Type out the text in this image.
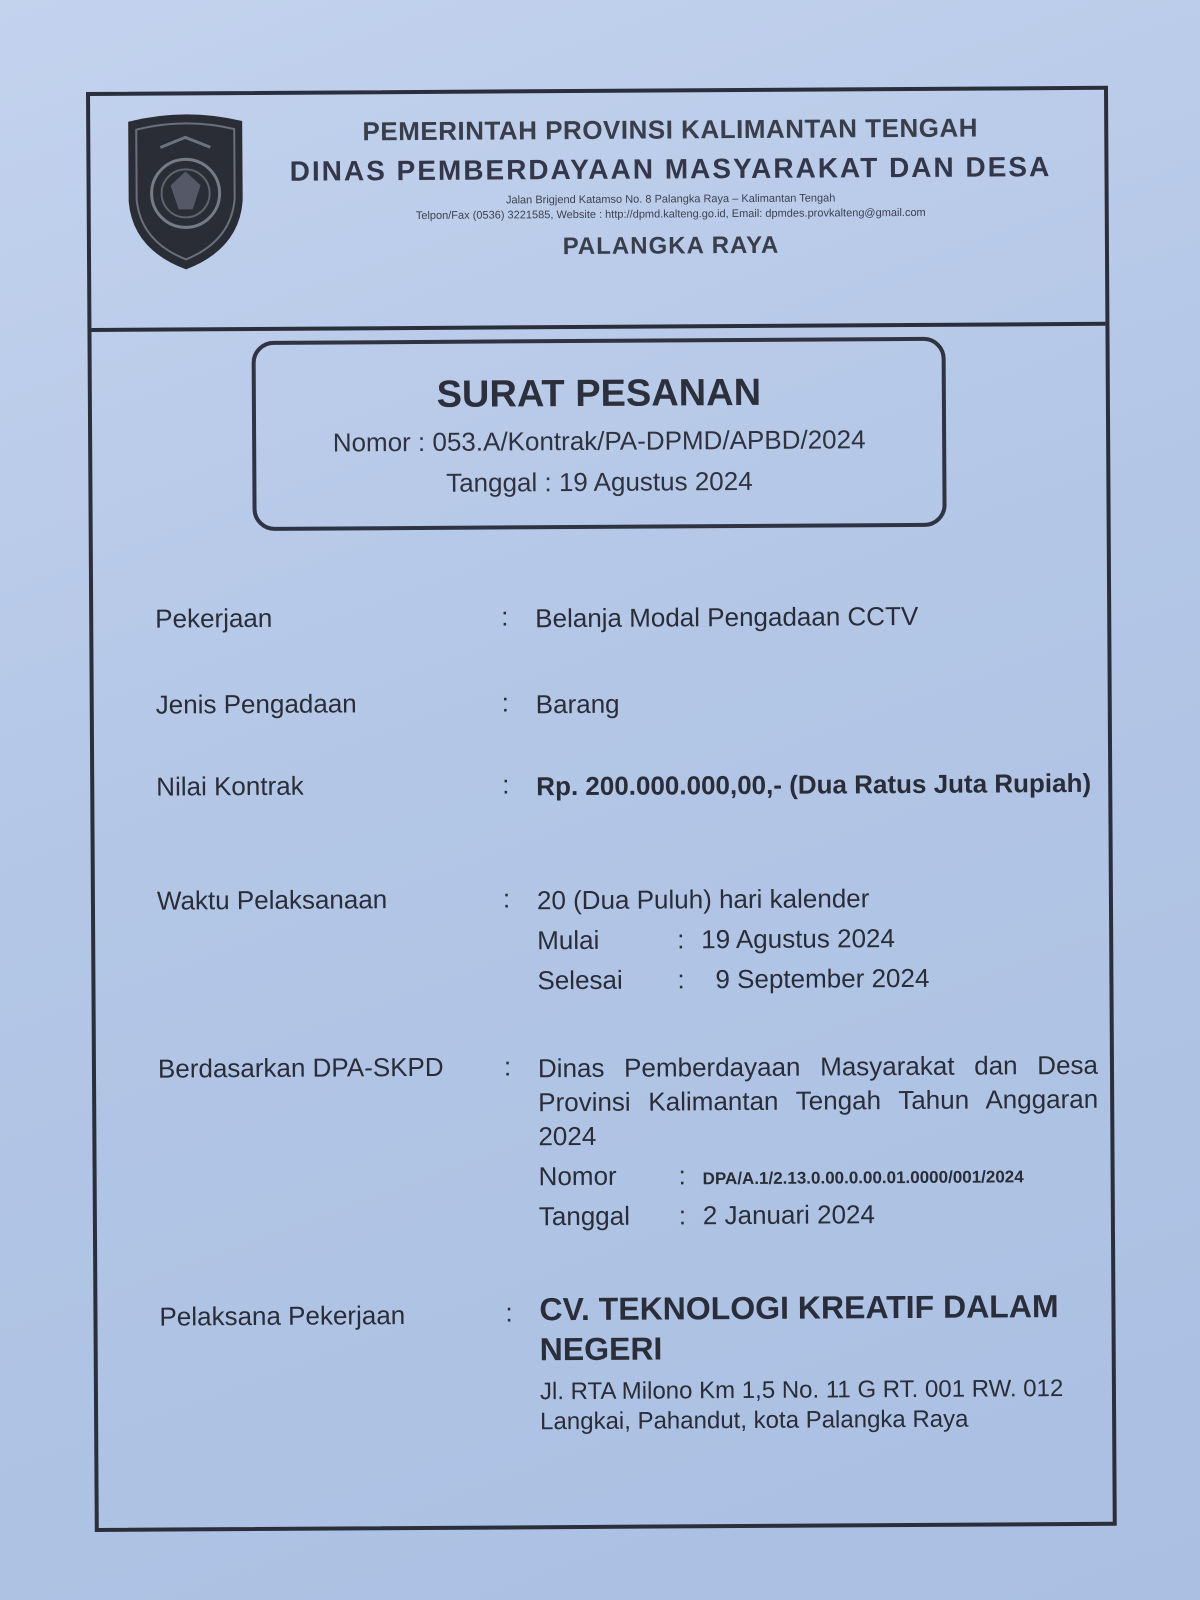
PEMERINTAH PROVINSI KALIMANTAN TENGAH
DINAS PEMBERDAYAAN MASYARAKAT DAN DESA
Jalan Brigjend Katamso No. 8 Palangka Raya – Kalimantan Tengah
Telpon/Fax (0536) 3221585, Website : http://dpmd.kalteng.go.id, Email: dpmdes.provkalteng@gmail.com
PALANGKA RAYA
SURAT PESANAN
Nomor : 053.A/Kontrak/PA-DPMD/APBD/2024
Tanggal : 19 Agustus 2024
Pekerjaan	: Belanja Modal Pengadaan CCTV
Jenis Pengadaan	: Barang
Nilai Kontrak	: Rp. 200.000.000,00,- (Dua Ratus Juta Rupiah)
Waktu Pelaksanaan	: 20 (Dua Puluh) hari kalender
Mulai	: 19 Agustus 2024
Selesai : 9 September 2024
Berdasarkan DPA-SKPD	: Dinas Pemberdayaan Masyarakat dan Desa Provinsi Kalimantan Tengah Tahun Anggaran 2024
Nomor : DPA/A.1/2.13.0.00.0.00.01.0000/001/2024
Tanggal : 2 Januari 2024
Pelaksana Pekerjaan	: CV. TEKNOLOGI KREATIF DALAM NEGERI
Jl. RTA Milono Km 1,5 No. 11 G RT. 001 RW. 012 Langkai, Pahandut, kota Palangka Raya
